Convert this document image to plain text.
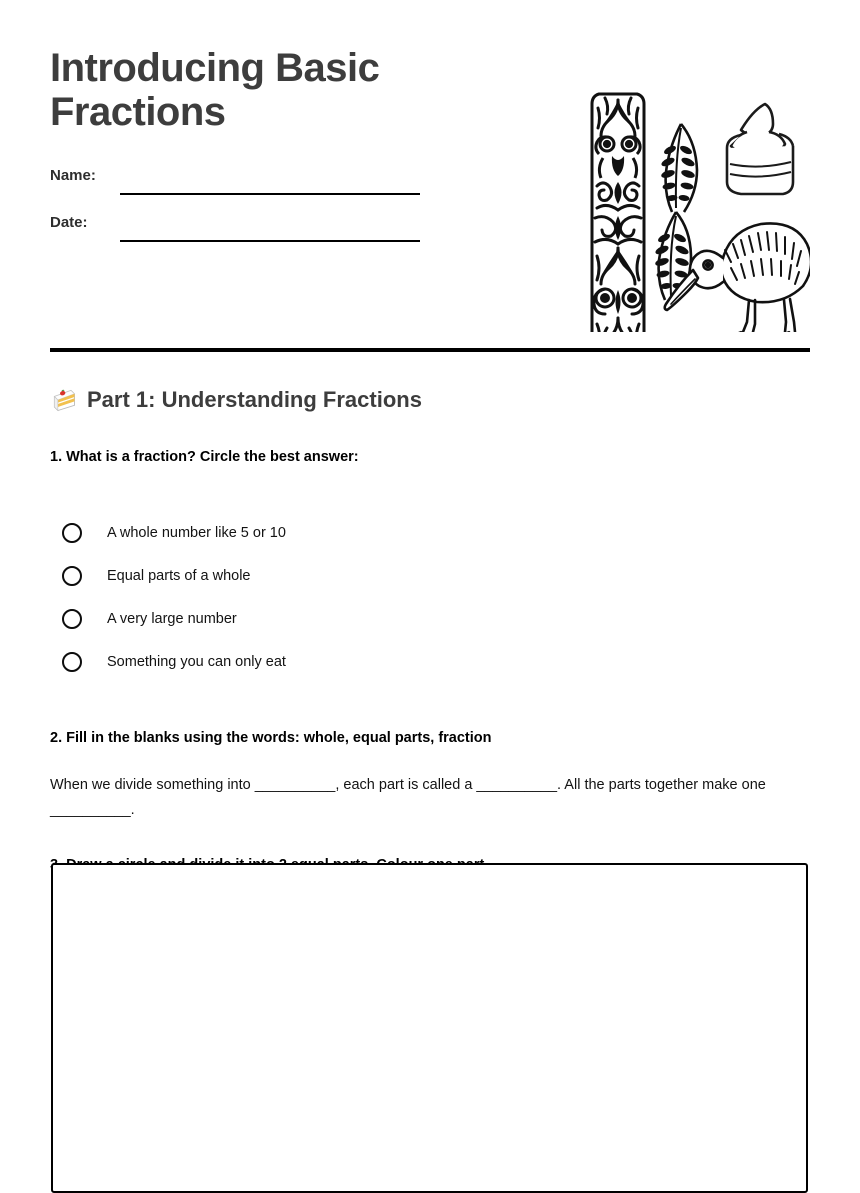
Introducing Basic Fractions
Name:
Date:
Part 1: Understanding Fractions

1. What is a fraction? Circle the best answer:

A whole number like 5 or 10
Equal parts of a whole
A very large number
Something you can only eat

2. Fill in the blanks using the words: whole, equal parts, fraction

When we divide something into __________, each part is called a __________. All the parts together make one __________.
